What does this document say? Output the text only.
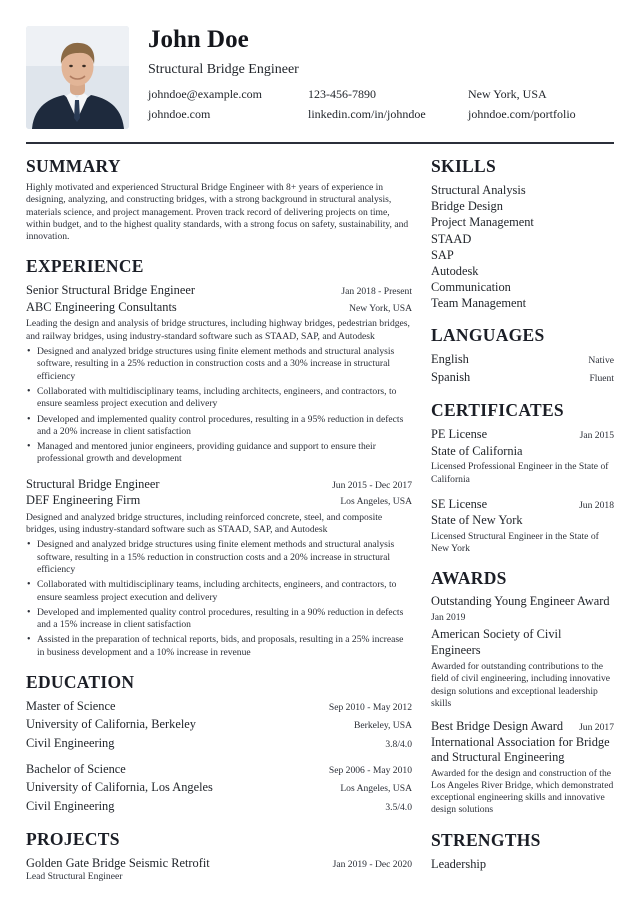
John Doe
Structural Bridge Engineer
johndoe@example.com	123-456-7890	New York, USA
johndoe.com	linkedin.com/in/johndoe	johndoe.com/portfolio
SUMMARY

Highly motivated and experienced Structural Bridge Engineer with 8+ years of experience in designing, analyzing, and constructing bridges, with a strong background in structural analysis, materials science, and project management. Proven track record of delivering projects on time, within budget, and to the highest quality standards, with a strong focus on safety, sustainability, and innovation.

EXPERIENCE
Senior Structural Bridge Engineer	Jan 2018 - Present
ABC Engineering Consultants	New York, USA

Leading the design and analysis of bridge structures, including highway bridges, pedestrian bridges, and railway bridges, using industry-standard software such as STAAD, SAP, and Autodesk

• Designed and analyzed bridge structures using finite element methods and structural analysis software, resulting in a 25% reduction in construction costs and a 30% increase in structural efficiency
• Collaborated with multidisciplinary teams, including architects, engineers, and contractors, to ensure seamless project execution and delivery
• Developed and implemented quality control procedures, resulting in a 95% reduction in defects and a 20% increase in client satisfaction
• Managed and mentored junior engineers, providing guidance and support to ensure their professional growth and development
Structural Bridge Engineer	Jun 2015 - Dec 2017
DEF Engineering Firm	Los Angeles, USA

Designed and analyzed bridge structures, including reinforced concrete, steel, and composite bridges, using industry-standard software such as STAAD, SAP, and Autodesk

• Designed and analyzed bridge structures using finite element methods and structural analysis software, resulting in a 15% reduction in construction costs and a 20% increase in structural efficiency
• Collaborated with multidisciplinary teams, including architects, engineers, and contractors, to ensure seamless project execution and delivery
• Developed and implemented quality control procedures, resulting in a 90% reduction in defects and a 15% increase in client satisfaction
• Assisted in the preparation of technical reports, bids, and proposals, resulting in a 25% increase in business development and a 10% increase in revenue
EDUCATION
Master of Science	Sep 2010 - May 2012
University of California, Berkeley	Berkeley, USA
Civil Engineering	3.8/4.0
Bachelor of Science	Sep 2006 - May 2010
University of California, Los Angeles	Los Angeles, USA
Civil Engineering	3.5/4.0
PROJECTS
Golden Gate Bridge Seismic Retrofit	Jan 2019 - Dec 2020

Lead Structural Engineer

SKILLS
Structural Analysis
Bridge Design
Project Management
STAAD
SAP
Autodesk
Communication
Team Management
LANGUAGES
English	Native
Spanish	Fluent
CERTIFICATES
PE License	Jan 2015
State of California

Licensed Professional Engineer in the State of California

SE License	Jun 2018
State of New York

Licensed Structural Engineer in the State of New York

AWARDS
Outstanding Young Engineer Award
Jan 2019
American Society of Civil Engineers

Awarded for outstanding contributions to the field of civil engineering, including innovative design solutions and exceptional leadership skills

Best Bridge Design Award Jun 2017
International Association for Bridge and Structural Engineering

Awarded for the design and construction of the Los Angeles River Bridge, which demonstrated exceptional engineering skills and innovative design solutions

STRENGTHS
Leadership
